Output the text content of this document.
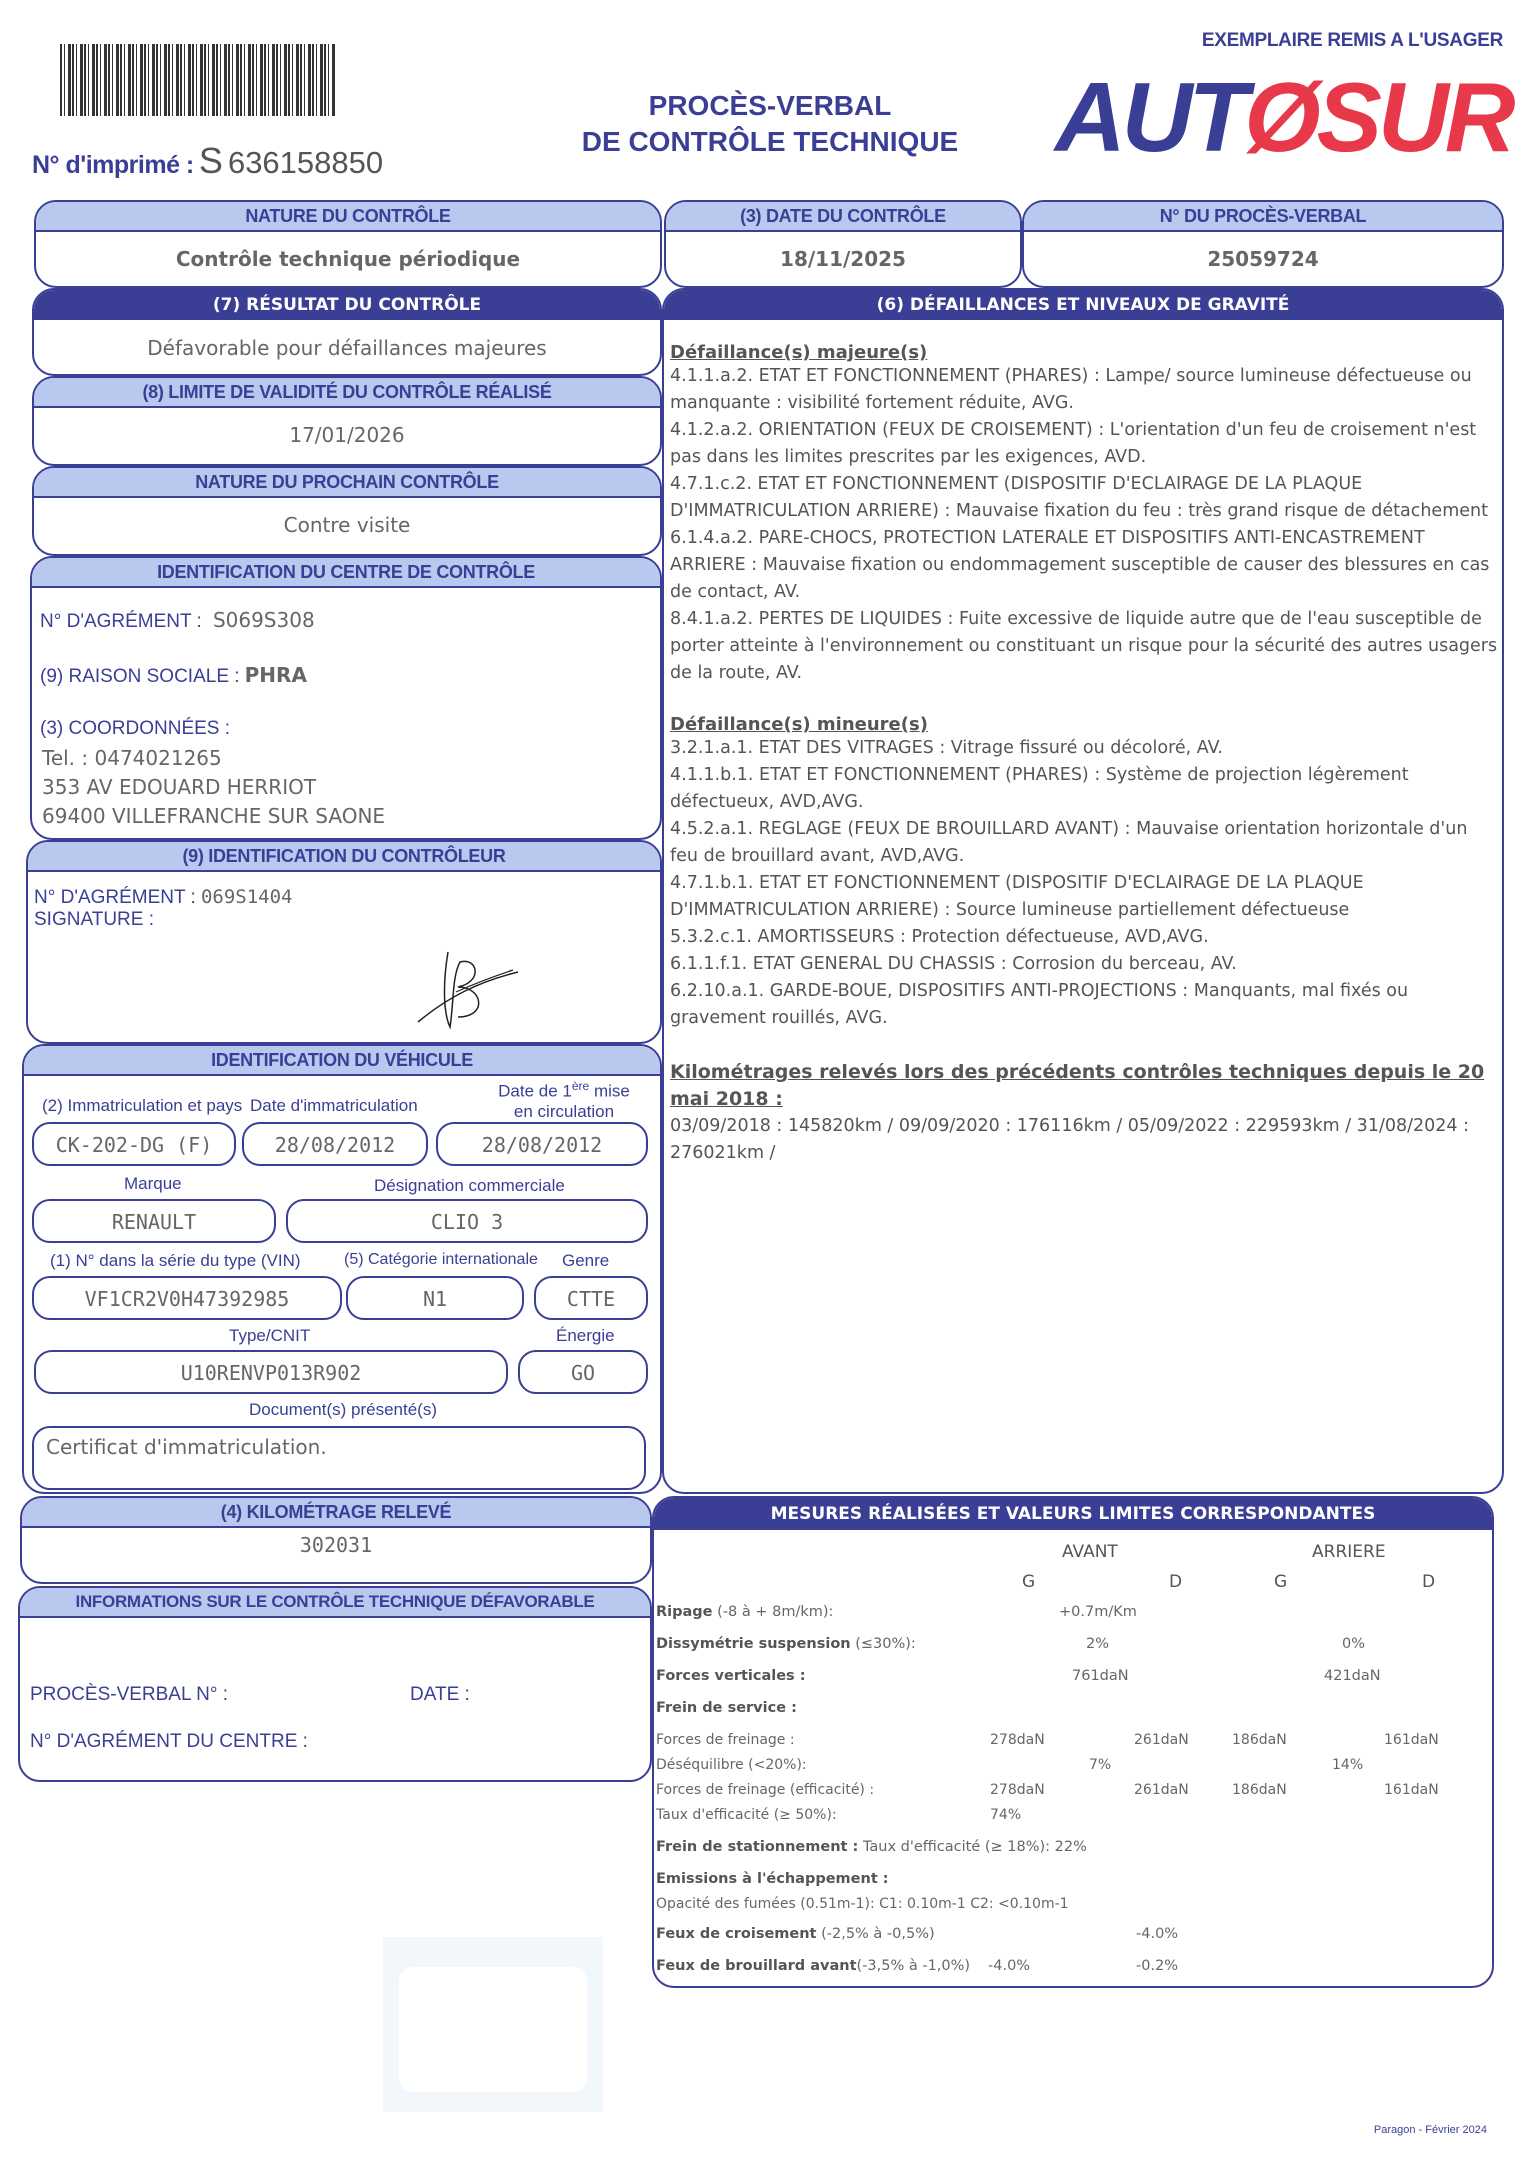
N° d'imprimé : S 636158850
PROCÈS-VERBAL
DE CONTRÔLE TECHNIQUE
EXEMPLAIRE REMIS A L'USAGER
AUTØSUR
NATURE DU CONTRÔLE
Contrôle technique périodique
(3) DATE DU CONTRÔLE
18/11/2025
N° DU PROCÈS-VERBAL
25059724
(7) RÉSULTAT DU CONTRÔLE
Défavorable pour défaillances majeures
(8) LIMITE DE VALIDITÉ DU CONTRÔLE RÉALISÉ
17/01/2026
NATURE DU PROCHAIN CONTRÔLE
Contre visite
IDENTIFICATION DU CENTRE DE CONTRÔLE
N° D'AGRÉMENT : S069S308
(9) RAISON SOCIALE : PHRA
(3) COORDONNÉES :
Tel. : 0474021265
353 AV EDOUARD HERRIOT
69400 VILLEFRANCHE SUR SAONE
(9) IDENTIFICATION DU CONTRÔLEUR
N° D'AGRÉMENT : 069S1404
SIGNATURE :
IDENTIFICATION DU VÉHICULE
(2) Immatriculation et pays Date d'immatriculation
Date de 1ère mise
en circulation
CK-202-DG (F)	28/08/2012	28/08/2012
Marque	Désignation commerciale
RENAULT	CLIO 3
(1) N° dans la série du type (VIN)	(5) Catégorie internationale Genre
VF1CR2V0H47392985	N1	CTTE
Type/CNIT	Énergie
U10RENVP013R902	GO
Document(s) présenté(s)
Certificat d'immatriculation.
(4) KILOMÉTRAGE RELEVÉ
302031
INFORMATIONS SUR LE CONTRÔLE TECHNIQUE DÉFAVORABLE
PROCÈS-VERBAL N° :	DATE :
N° D'AGRÉMENT DU CENTRE :
(6) DÉFAILLANCES ET NIVEAUX DE GRAVITÉ
Défaillance(s) majeure(s)
4.1.1.a.2. ETAT ET FONCTIONNEMENT (PHARES) : Lampe/ source lumineuse défectueuse ou manquante : visibilité fortement réduite, AVG.
4.1.2.a.2. ORIENTATION (FEUX DE CROISEMENT) : L'orientation d'un feu de croisement n'est pas dans les limites prescrites par les exigences, AVD.
4.7.1.c.2. ETAT ET FONCTIONNEMENT (DISPOSITIF D'ECLAIRAGE DE LA PLAQUE D'IMMATRICULATION ARRIERE) : Mauvaise fixation du feu : très grand risque de détachement
6.1.4.a.2. PARE-CHOCS, PROTECTION LATERALE ET DISPOSITIFS ANTI-ENCASTREMENT ARRIERE : Mauvaise fixation ou endommagement susceptible de causer des blessures en cas de contact, AV.
8.4.1.a.2. PERTES DE LIQUIDES : Fuite excessive de liquide autre que de l'eau susceptible de porter atteinte à l'environnement ou constituant un risque pour la sécurité des autres usagers de la route, AV.
Défaillance(s) mineure(s)
3.2.1.a.1. ETAT DES VITRAGES : Vitrage fissuré ou décoloré, AV.
4.1.1.b.1. ETAT ET FONCTIONNEMENT (PHARES) : Système de projection légèrement défectueux, AVD,AVG.
4.5.2.a.1. REGLAGE (FEUX DE BROUILLARD AVANT) : Mauvaise orientation horizontale d'un feu de brouillard avant, AVD,AVG.
4.7.1.b.1. ETAT ET FONCTIONNEMENT (DISPOSITIF D'ECLAIRAGE DE LA PLAQUE D'IMMATRICULATION ARRIERE) : Source lumineuse partiellement défectueuse
5.3.2.c.1. AMORTISSEURS : Protection défectueuse, AVD,AVG.
6.1.1.f.1. ETAT GENERAL DU CHASSIS : Corrosion du berceau, AV.
6.2.10.a.1. GARDE-BOUE, DISPOSITIFS ANTI-PROJECTIONS : Manquants, mal fixés ou gravement rouillés, AVG.
Kilométrages relevés lors des précédents contrôles techniques depuis le 20 mai 2018 :
03/09/2018 : 145820km / 09/09/2020 : 176116km / 05/09/2022 : 229593km / 31/08/2024 : 276021km /
MESURES RÉALISÉES ET VALEURS LIMITES CORRESPONDANTES
AVANT	ARRIERE
G	D	G	D
Ripage (-8 à + 8m/km):	+0.7m/Km
Dissymétrie suspension (≤30%):	2%	0%
Forces verticales :	761daN	421daN
Frein de service :
Forces de freinage :	278daN	261daN	186daN	161daN
Déséquilibre (<20%):	7%	14%
Forces de freinage (efficacité) :	278daN	261daN	186daN	161daN
Taux d'efficacité (≥ 50%):	74%
Frein de stationnement : Taux d'efficacité (≥ 18%): 22%
Emissions à l'échappement :
Opacité des fumées (0.51m-1): C1: 0.10m-1 C2: <0.10m-1
Feux de croisement (-2,5% à -0,5%)	-4.0%
Feux de brouillard avant(-3,5% à -1,0%) -4.0%	-0.2%
Paragon - Février 2024
